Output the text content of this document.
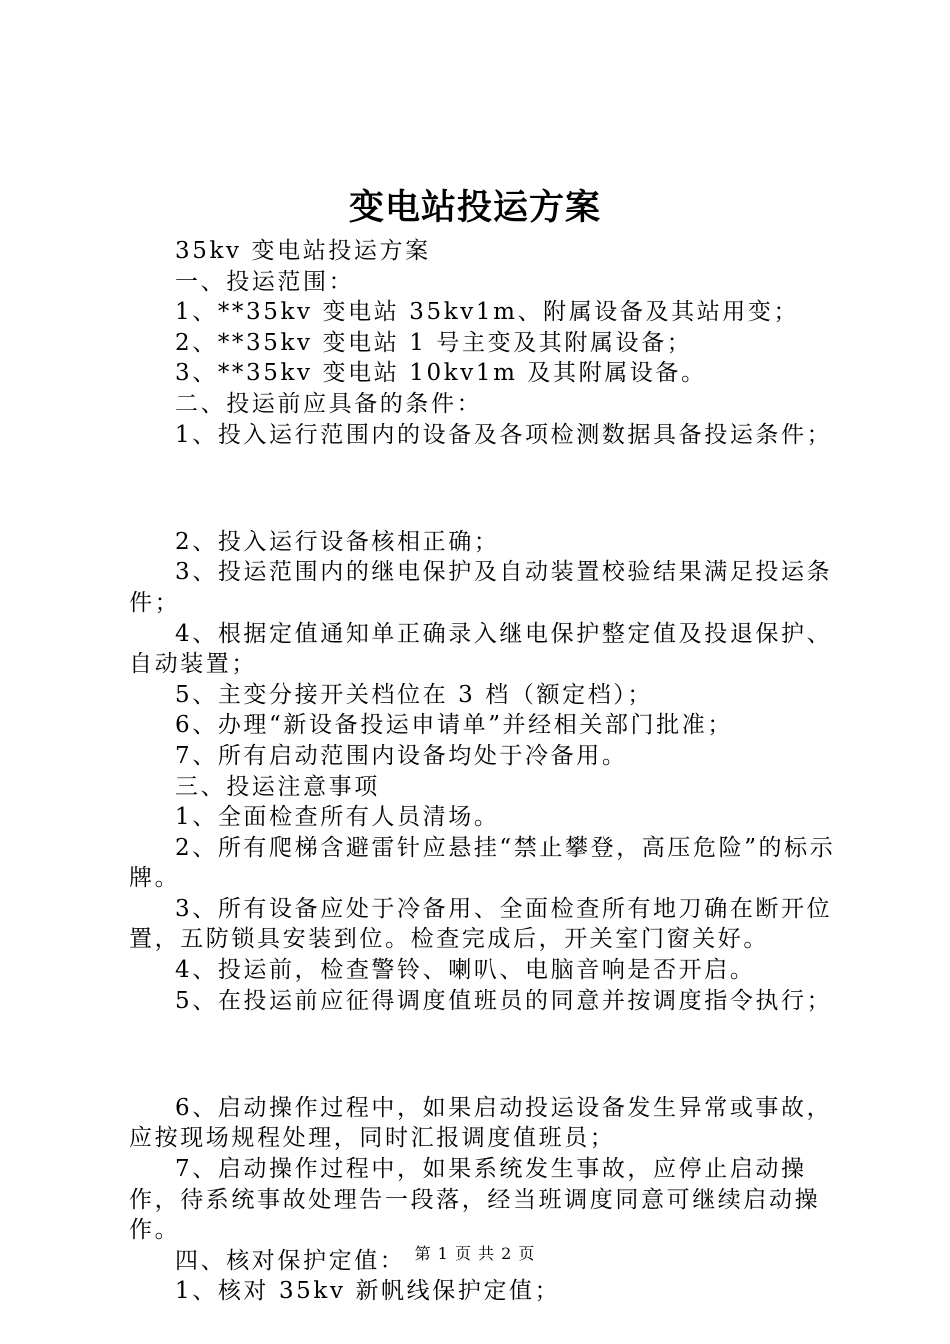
变电站投运方案

35kv 变电站投运方案

一、投运范围：

1、**35kv 变电站 35kv1m、附属设备及其站用变；

2、**35kv 变电站 1 号主变及其附属设备；

3、**35kv 变电站 10kv1m 及其附属设备。

二、投运前应具备的条件：

1、投入运行范围内的设备及各项检测数据具备投运条件；

2、投入运行设备核相正确；

3、投运范围内的继电保护及自动装置校验结果满足投运条件；

4、根据定值通知单正确录入继电保护整定值及投退保护、自动装置；

5、主变分接开关档位在 3 档（额定档）；

6、办理“新设备投运申请单”并经相关部门批准；

7、所有启动范围内设备均处于冷备用。

三、投运注意事项

1、全面检查所有人员清场。

2、所有爬梯含避雷针应悬挂“禁止攀登，高压危险”的标示牌。

3、所有设备应处于冷备用、全面检查所有地刀确在断开位置，五防锁具安装到位。检查完成后，开关室门窗关好。

4、投运前，检查警铃、喇叭、电脑音响是否开启。

5、在投运前应征得调度值班员的同意并按调度指令执行；

6、启动操作过程中，如果启动投运设备发生异常或事故，应按现场规程处理，同时汇报调度值班员；

7、启动操作过程中，如果系统发生事故，应停止启动操作，待系统事故处理告一段落，经当班调度同意可继续启动操作。

四、核对保护定值：

1、核对 35kv 新帆线保护定值；

第 1 页 共 2 页
